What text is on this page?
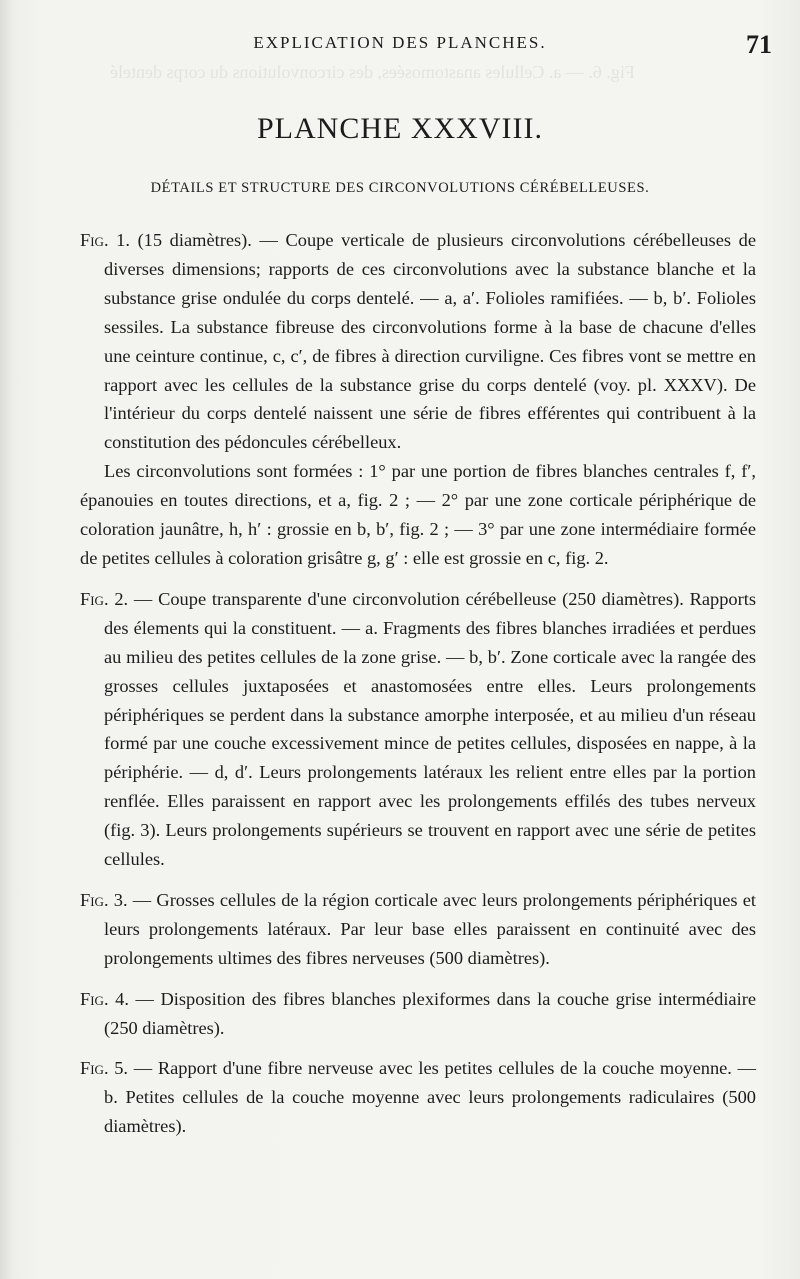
Fig. 6. — a. Cellules anastomosées, des circonvolutions du corps dentelé
EXPLICATION DES PLANCHES.	71
PLANCHE XXXVIII.
DÉTAILS ET STRUCTURE DES CIRCONVOLUTIONS CÉRÉBELLEUSES.

Fig. 1. (15 diamètres). — Coupe verticale de plusieurs circonvolutions cérébelleuses de diverses dimensions; rapports de ces circonvolutions avec la substance blanche et la substance grise ondulée du corps dentelé. — a, a′. Folioles ramifiées. — b, b′. Folioles sessiles. La substance fibreuse des circonvolutions forme à la base de chacune d'elles une ceinture continue, c, c′, de fibres à direction curviligne. Ces fibres vont se mettre en rapport avec les cellules de la substance grise du corps dentelé (voy. pl. XXXV). De l'intérieur du corps dentelé naissent une série de fibres efférentes qui contribuent à la constitution des pédoncules cérébelleux.

Les circonvolutions sont formées : 1° par une portion de fibres blanches centrales f, f′, épanouies en toutes directions, et a, fig. 2 ; — 2° par une zone corticale périphérique de coloration jaunâtre, h, h′ : grossie en b, b′, fig. 2 ; — 3° par une zone intermédiaire formée de petites cellules à coloration grisâtre g, g′ : elle est grossie en c, fig. 2.

Fig. 2. — Coupe transparente d'une circonvolution cérébelleuse (250 diamètres). Rapports des élements qui la constituent. — a. Fragments des fibres blanches irradiées et perdues au milieu des petites cellules de la zone grise. — b, b′. Zone corticale avec la rangée des grosses cellules juxtaposées et anastomosées entre elles. Leurs prolongements périphériques se perdent dans la substance amorphe interposée, et au milieu d'un réseau formé par une couche excessivement mince de petites cellules, disposées en nappe, à la périphérie. — d, d′. Leurs prolongements latéraux les relient entre elles par la portion renflée. Elles paraissent en rapport avec les prolongements effilés des tubes nerveux (fig. 3). Leurs prolongements supérieurs se trouvent en rapport avec une série de petites cellules.

Fig. 3. — Grosses cellules de la région corticale avec leurs prolongements périphériques et leurs prolongements latéraux. Par leur base elles paraissent en continuité avec des prolongements ultimes des fibres nerveuses (500 diamètres).

Fig. 4. — Disposition des fibres blanches plexiformes dans la couche grise intermédiaire (250 diamètres).

Fig. 5. — Rapport d'une fibre nerveuse avec les petites cellules de la couche moyenne. — b. Petites cellules de la couche moyenne avec leurs prolongements radiculaires (500 diamètres).
